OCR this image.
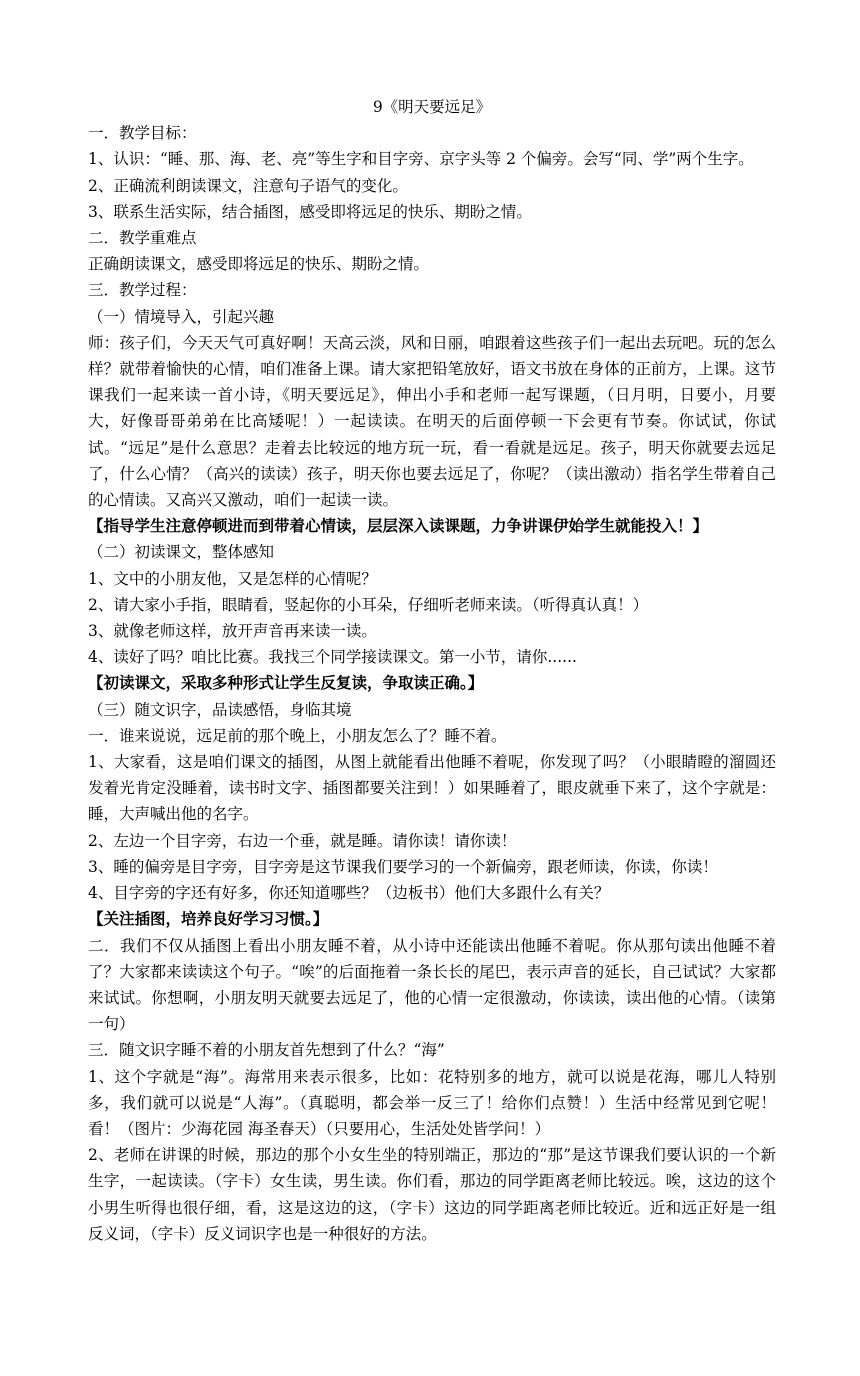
9《明天要远足》

一．教学目标：

1、认识：“睡、那、海、老、亮”等生字和目字旁、京字头等 2 个偏旁。会写“同、学”两个生字。

2、正确流利朗读课文，注意句子语气的变化。

3、联系生活实际，结合插图，感受即将远足的快乐、期盼之情。

二．教学重难点

正确朗读课文，感受即将远足的快乐、期盼之情。

三．教学过程：

（一）情境导入，引起兴趣

师：孩子们，今天天气可真好啊！天高云淡，风和日丽，咱跟着这些孩子们一起出去玩吧。玩的怎么样？就带着愉快的心情，咱们准备上课。请大家把铅笔放好，语文书放在身体的正前方，上课。这节课我们一起来读一首小诗，《明天要远足》，伸出小手和老师一起写课题，（日月明，日要小，月要大，好像哥哥弟弟在比高矮呢！）一起读读。在明天的后面停顿一下会更有节奏。你试试，你试试。“远足”是什么意思？走着去比较远的地方玩一玩，看一看就是远足。孩子，明天你就要去远足了，什么心情？（高兴的读读）孩子，明天你也要去远足了，你呢？（读出激动）指名学生带着自己的心情读。又高兴又激动，咱们一起读一读。

【指导学生注意停顿进而到带着心情读，层层深入读课题，力争讲课伊始学生就能投入！】

（二）初读课文，整体感知

1、文中的小朋友他，又是怎样的心情呢？

2、请大家小手指，眼睛看，竖起你的小耳朵，仔细听老师来读。（听得真认真！）

3、就像老师这样，放开声音再来读一读。

4、读好了吗？咱比比赛。我找三个同学接读课文。第一小节，请你......

【初读课文，采取多种形式让学生反复读，争取读正确。】

（三）随文识字，品读感悟，身临其境

一．谁来说说，远足前的那个晚上，小朋友怎么了？睡不着。

1、大家看，这是咱们课文的插图，从图上就能看出他睡不着呢，你发现了吗？（小眼睛瞪的溜圆还发着光肯定没睡着，读书时文字、插图都要关注到！）如果睡着了，眼皮就垂下来了，这个字就是：睡，大声喊出他的名字。

2、左边一个目字旁，右边一个垂，就是睡。请你读！请你读！

3、睡的偏旁是目字旁，目字旁是这节课我们要学习的一个新偏旁，跟老师读，你读，你读！

4、目字旁的字还有好多，你还知道哪些？（边板书）他们大多跟什么有关？

【关注插图，培养良好学习习惯。】

二．我们不仅从插图上看出小朋友睡不着，从小诗中还能读出他睡不着呢。你从那句读出他睡不着了？大家都来读读这个句子。“唉”的后面拖着一条长长的尾巴，表示声音的延长，自己试试？大家都来试试。你想啊，小朋友明天就要去远足了，他的心情一定很激动，你读读，读出他的心情。（读第一句）

三．随文识字睡不着的小朋友首先想到了什么？“海”

1、这个字就是“海”。海常用来表示很多，比如：花特别多的地方，就可以说是花海，哪儿人特别多，我们就可以说是“人海”。（真聪明，都会举一反三了！给你们点赞！）生活中经常见到它呢！看！（图片：少海花园 海圣春天）（只要用心，生活处处皆学问！）

2、老师在讲课的时候，那边的那个小女生坐的特别端正，那边的“那”是这节课我们要认识的一个新生字，一起读读。（字卡）女生读，男生读。你们看，那边的同学距离老师比较远。唉，这边的这个小男生听得也很仔细，看，这是这边的这，（字卡）这边的同学距离老师比较近。近和远正好是一组反义词，（字卡）反义词识字也是一种很好的方法。
